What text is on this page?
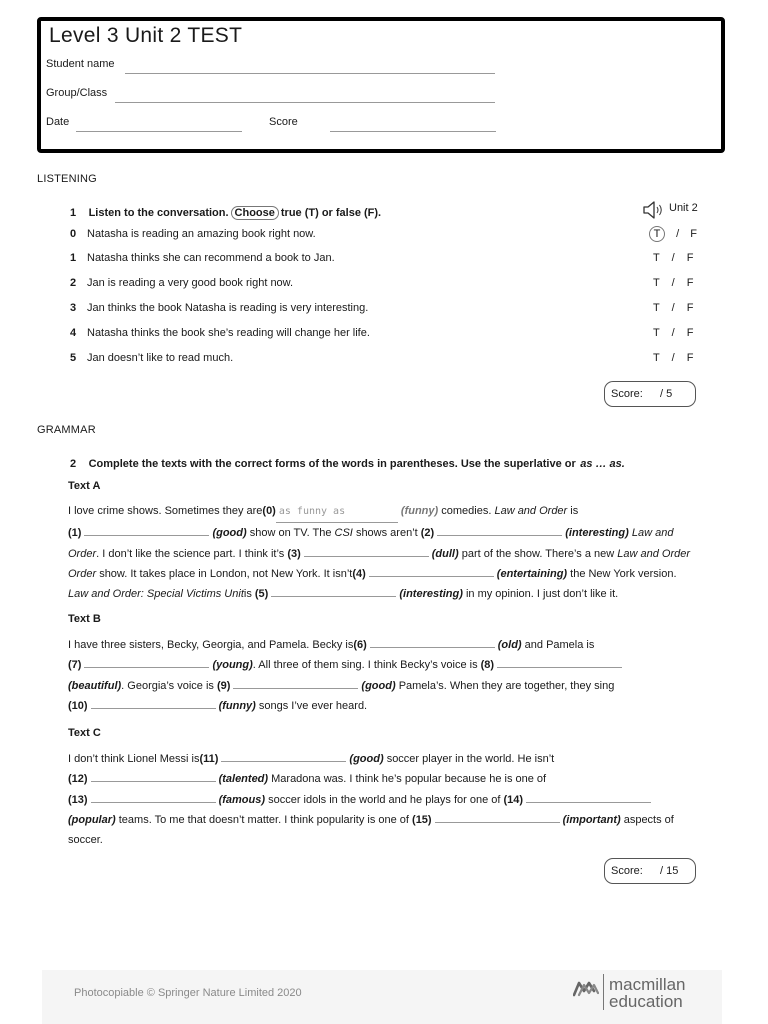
Level 3 Unit 2 TEST
Student name
Group/Class
Date	Score
LISTENING
1 Listen to the conversation. Choose true (T) or false (F).	Unit 2
0 Natasha is reading an amazing book right now.	T / F
1 Natasha thinks she can recommend a book to Jan.	T / F
2 Jan is reading a very good book right now.	T / F
3 Jan thinks the book Natasha is reading is very interesting.	T / F
4 Natasha thinks the book she’s reading will change her life.	T / F
5 Jan doesn’t like to read much.	T / F
Score: / 5
GRAMMAR
2 Complete the texts with the correct forms of the words in parentheses. Use the superlative or as … as.
Text A

I love crime shows. Sometimes they are(0) as funny as	(funny) comedies. Law and Order is

(1)	(good) show on TV. The CSI shows aren’t (2)	(interesting) Law and

Order. I don’t like the science part. I think it’s (3)	(dull) part of the show. There’s a new Law and Order

Order show. It takes place in London, not New York. It isn’t(4)	(entertaining) the New York version.

Law and Order: Special Victims Unitis (5)	(interesting) in my opinion. I just don’t like it.

Text B

I have three sisters, Becky, Georgia, and Pamela. Becky is(6)	(old) and Pamela is

(7)	(young). All three of them sing. I think Becky’s voice is (8)

(beautiful). Georgia’s voice is (9)	(good) Pamela’s. When they are together, they sing

(10)	(funny) songs I’ve ever heard.

Text C

I don’t think Lionel Messi is(11)	(good) soccer player in the world. He isn’t

(12)	(talented) Maradona was. I think he’s popular because he is one of

(13)	(famous) soccer idols in the world and he plays for one of (14)

(popular) teams. To me that doesn’t matter. I think popularity is one of (15)	(important) aspects of

soccer.

Score: / 15
Photocopiable © Springer Nature Limited 2020	macmillan
education
